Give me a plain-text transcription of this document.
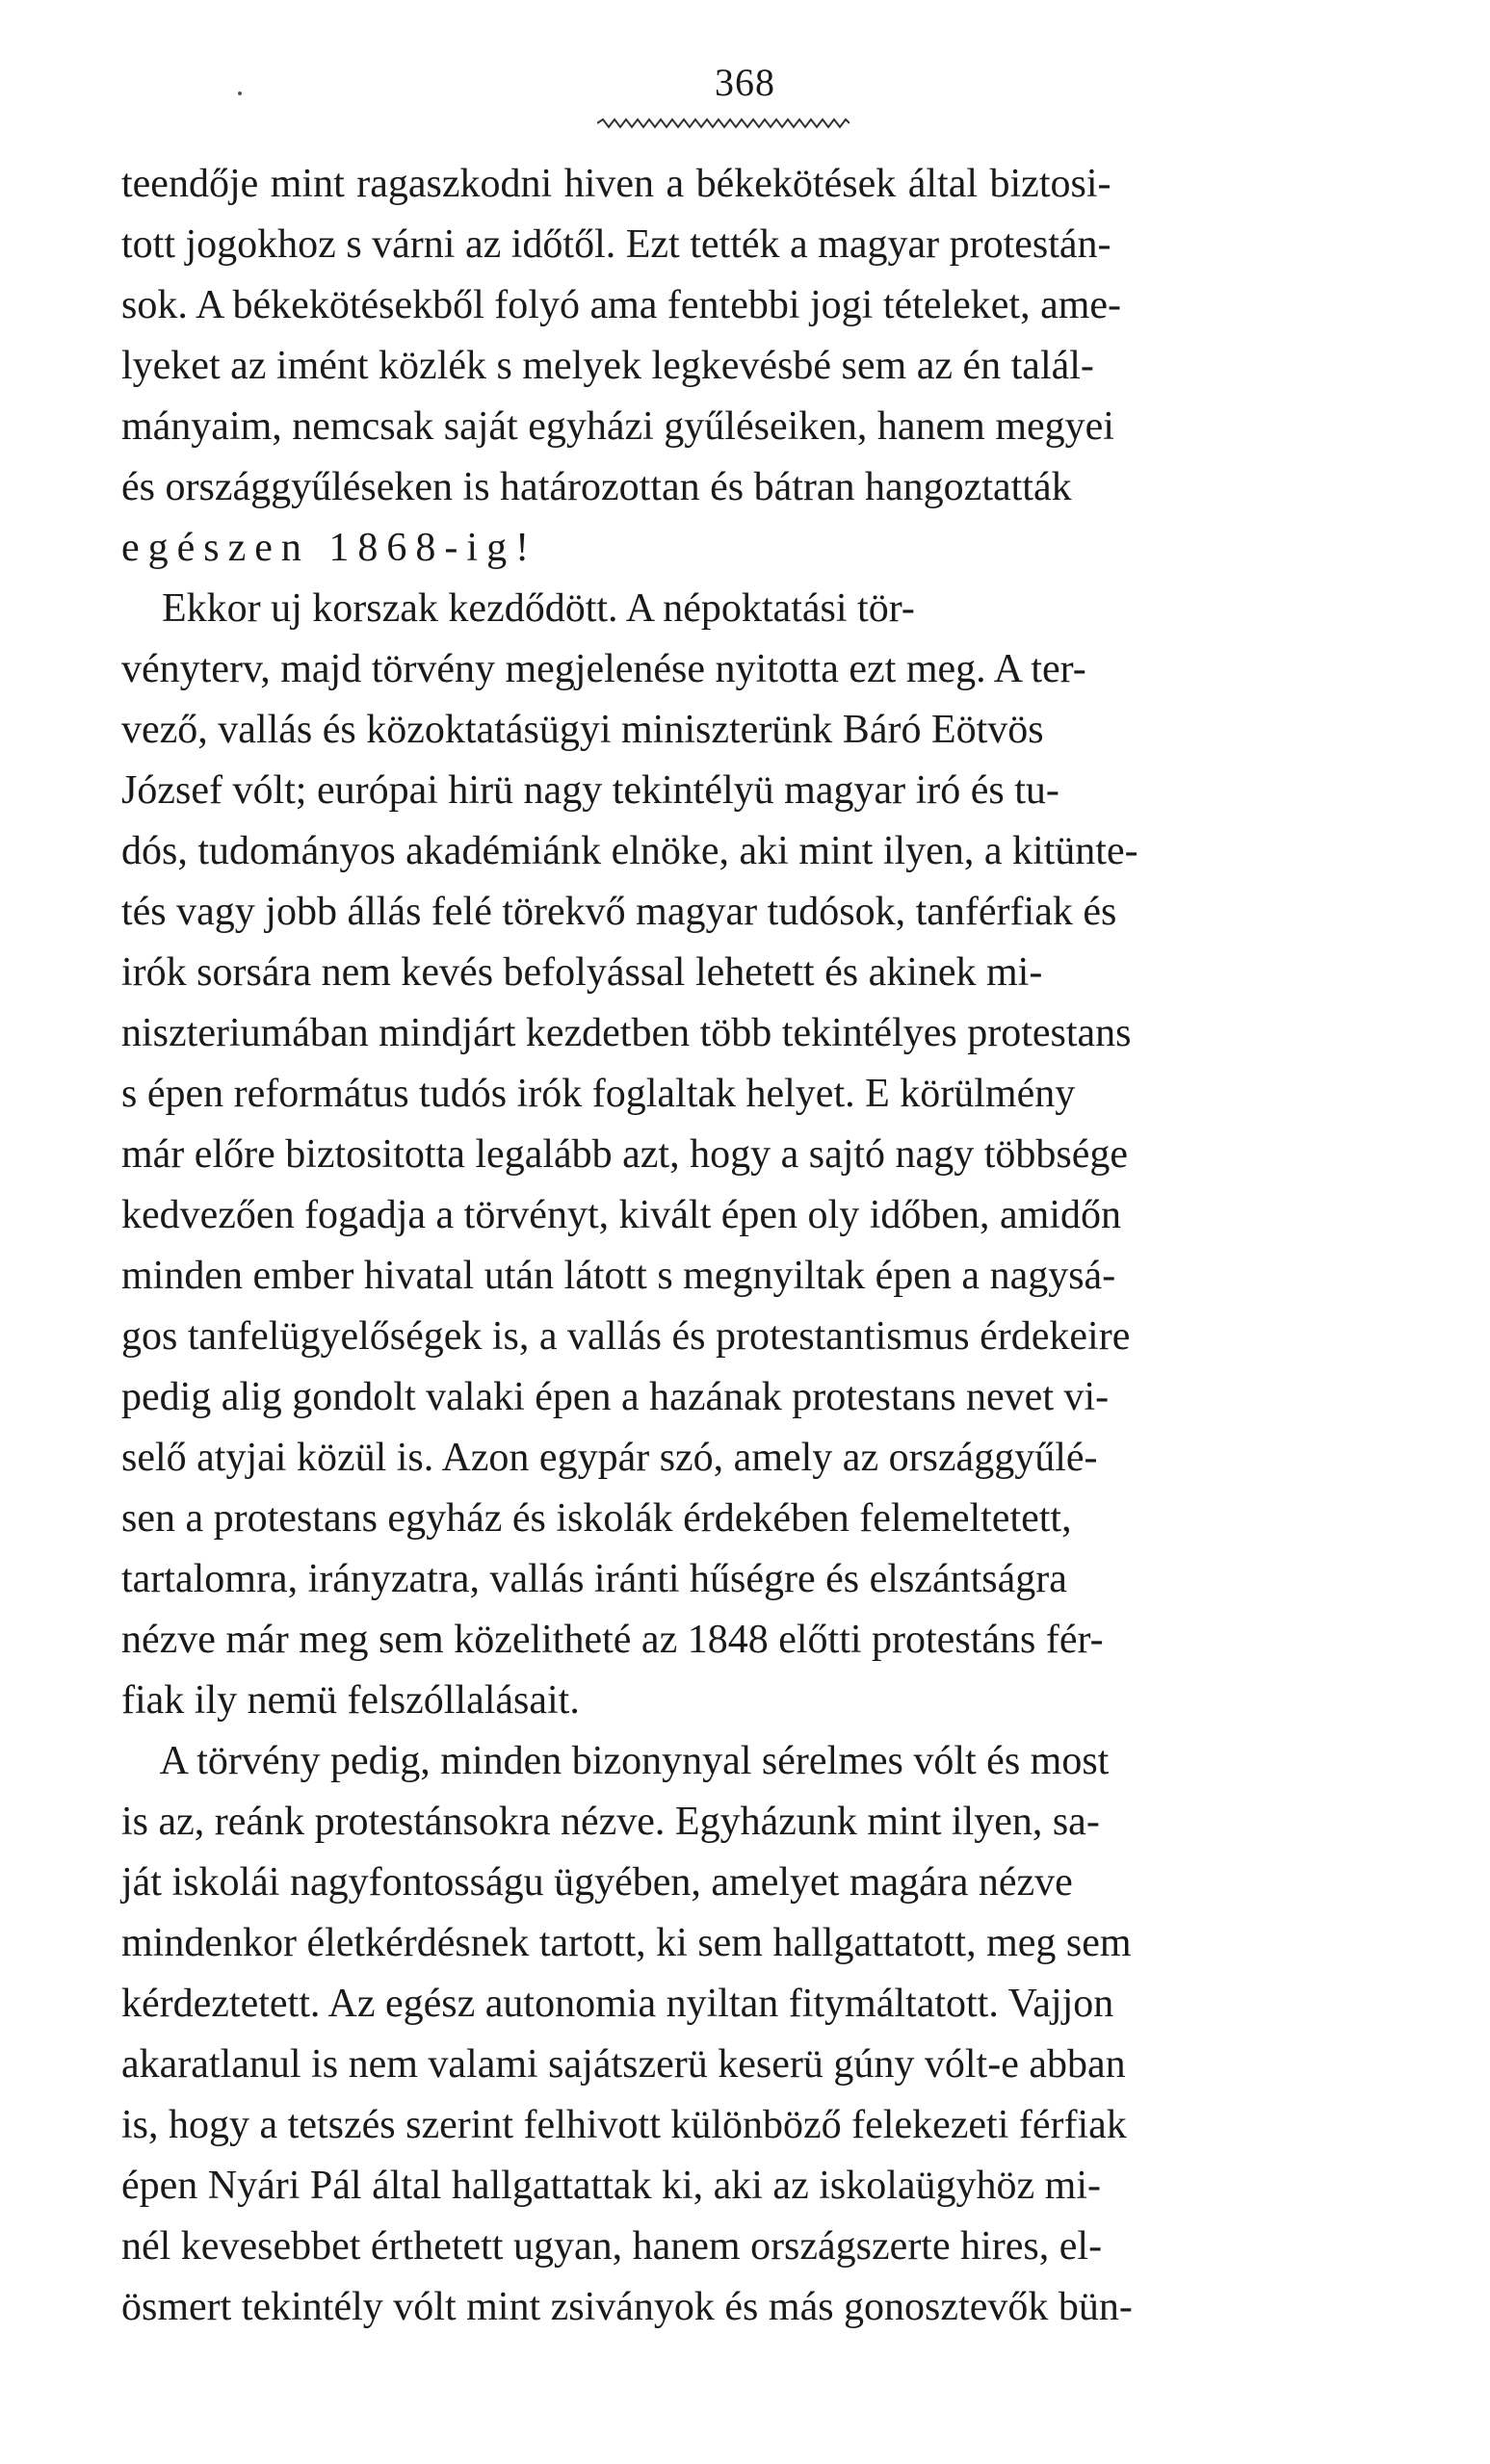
368
teendője mint ragaszkodni hiven a békekötések által biztosi-
tott jogokhoz s várni az időtől. Ezt tették a magyar protestán-
sok. A békekötésekből folyó ama fentebbi jogi tételeket, ame-
lyeket az imént közlék s melyek legkevésbé sem az én talál-
mányaim, nemcsak saját egyházi gyűléseiken, hanem megyei
és országgyűléseken is határozottan és bátran hangoztatták
egészen 1868-ig!
Ekkor uj korszak kezdődött. A népoktatási tör-
vényterv, majd törvény megjelenése nyitotta ezt meg. A ter-
vező, vallás és közoktatásügyi miniszterünk Báró Eötvös
József vólt; európai hirü nagy tekintélyü magyar iró és tu-
dós, tudományos akadémiánk elnöke, aki mint ilyen, a kitünte-
tés vagy jobb állás felé törekvő magyar tudósok, tanférfiak és
irók sorsára nem kevés befolyással lehetett és akinek mi-
niszteriumában mindjárt kezdetben több tekintélyes protestans
s épen református tudós irók foglaltak helyet. E körülmény
már előre biztositotta legalább azt, hogy a sajtó nagy többsége
kedvezően fogadja a törvényt, kivált épen oly időben, amidőn
minden ember hivatal után látott s megnyiltak épen a nagysá-
gos tanfelügyelőségek is, a vallás és protestantismus érdekeire
pedig alig gondolt valaki épen a hazának protestans nevet vi-
selő atyjai közül is. Azon egypár szó, amely az országgyűlé-
sen a protestans egyház és iskolák érdekében felemeltetett,
tartalomra, irányzatra, vallás iránti hűségre és elszántságra
nézve már meg sem közelitheté az 1848 előtti protestáns fér-
fiak ily nemü felszóllalásait.
A törvény pedig, minden bizonynyal sérelmes vólt és most
is az, reánk protestánsokra nézve. Egyházunk mint ilyen, sa-
ját iskolái nagyfontosságu ügyében, amelyet magára nézve
mindenkor életkérdésnek tartott, ki sem hallgattatott, meg sem
kérdeztetett. Az egész autonomia nyiltan fitymáltatott. Vajjon
akaratlanul is nem valami sajátszerü keserü gúny vólt-e abban
is, hogy a tetszés szerint felhivott különböző felekezeti férfiak
épen Nyári Pál által hallgattattak ki, aki az iskolaügyhöz mi-
nél kevesebbet érthetett ugyan, hanem országszerte hires, el-
ösmert tekintély vólt mint zsiványok és más gonosztevők bün-
